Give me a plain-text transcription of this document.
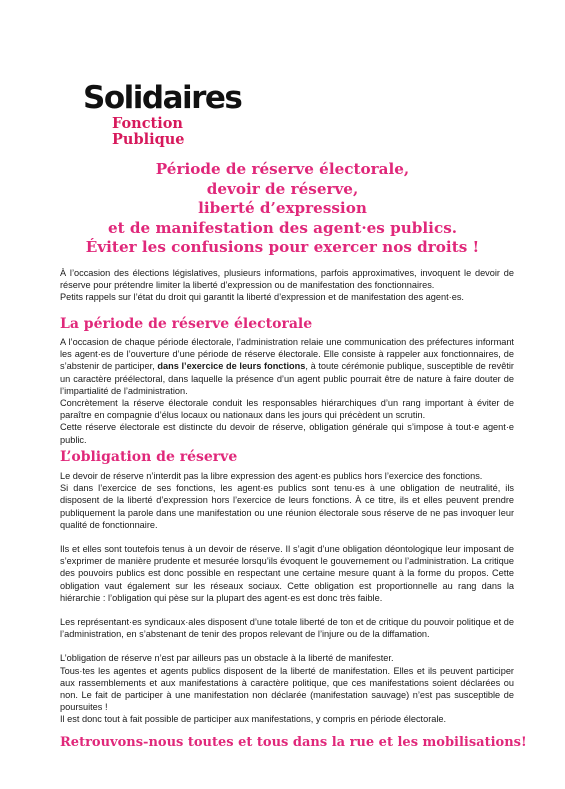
Solidaires
Fonction Publique
Période de réserve électorale,
devoir de réserve,
liberté d’expression
et de manifestation des agent·es publics.
Éviter les confusions pour exercer nos droits !

À l’occasion des élections législatives, plusieurs informations, parfois approximatives, invoquent le devoir de réserve pour prétendre limiter la liberté d’expression ou de manifestation des fonctionnaires.

Petits rappels sur l’état du droit qui garantit la liberté d’expression et de manifestation des agent·es.

La période de réserve électorale

A l’occasion de chaque période électorale, l’administration relaie une communication des préfectures informant les agent·es de l’ouverture d’une période de réserve électorale. Elle consiste à rappeler aux fonctionnaires, de s’abstenir de participer, dans l’exercice de leurs fonctions, à toute cérémonie publique, susceptible de revêtir un caractère préélectoral, dans laquelle la présence d’un agent public pourrait être de nature à faire douter de l’impartialité de l’administration.

Concrètement la réserve électorale conduit les responsables hiérarchiques d’un rang important à éviter de paraître en compagnie d’élus locaux ou nationaux dans les jours qui précèdent un scrutin.

Cette réserve électorale est distincte du devoir de réserve, obligation générale qui s’impose à tout·e agent·e public.

L’obligation de réserve

Le devoir de réserve n’interdit pas la libre expression des agent·es publics hors l’exercice des fonctions.

Si dans l’exercice de ses fonctions, les agent·es publics sont tenu·es à une obligation de neutralité, ils disposent de la liberté d’expression hors l’exercice de leurs fonctions. À ce titre, ils et elles peuvent prendre publiquement la parole dans une manifestation ou une réunion électorale sous réserve de ne pas invoquer leur qualité de fonctionnaire.

Ils et elles sont toutefois tenus à un devoir de réserve. Il s’agit d’une obligation déontologique leur imposant de s’exprimer de manière prudente et mesurée lorsqu’ils évoquent le gouvernement ou l’administration. La critique des pouvoirs publics est donc possible en respectant une certaine mesure quant à la forme du propos. Cette obligation vaut également sur les réseaux sociaux. Cette obligation est proportionnelle au rang dans la hiérarchie : l’obligation qui pèse sur la plupart des agent·es est donc très faible.

Les représentant·es syndicaux·ales disposent d’une totale liberté de ton et de critique du pouvoir politique et de l’administration, en s’abstenant de tenir des propos relevant de l’injure ou de la diffamation.

L’obligation de réserve n’est par ailleurs pas un obstacle à la liberté de manifester.

Tous·tes les agentes et agents publics disposent de la liberté de manifestation. Elles et ils peuvent participer aux rassemblements et aux manifestations à caractère politique, que ces manifestations soient déclarées ou non. Le fait de participer à une manifestation non déclarée (manifestation sauvage) n’est pas susceptible de poursuites !

Il est donc tout à fait possible de participer aux manifestations, y compris en période électorale.

Retrouvons-nous toutes et tous dans la rue et les mobilisations!
